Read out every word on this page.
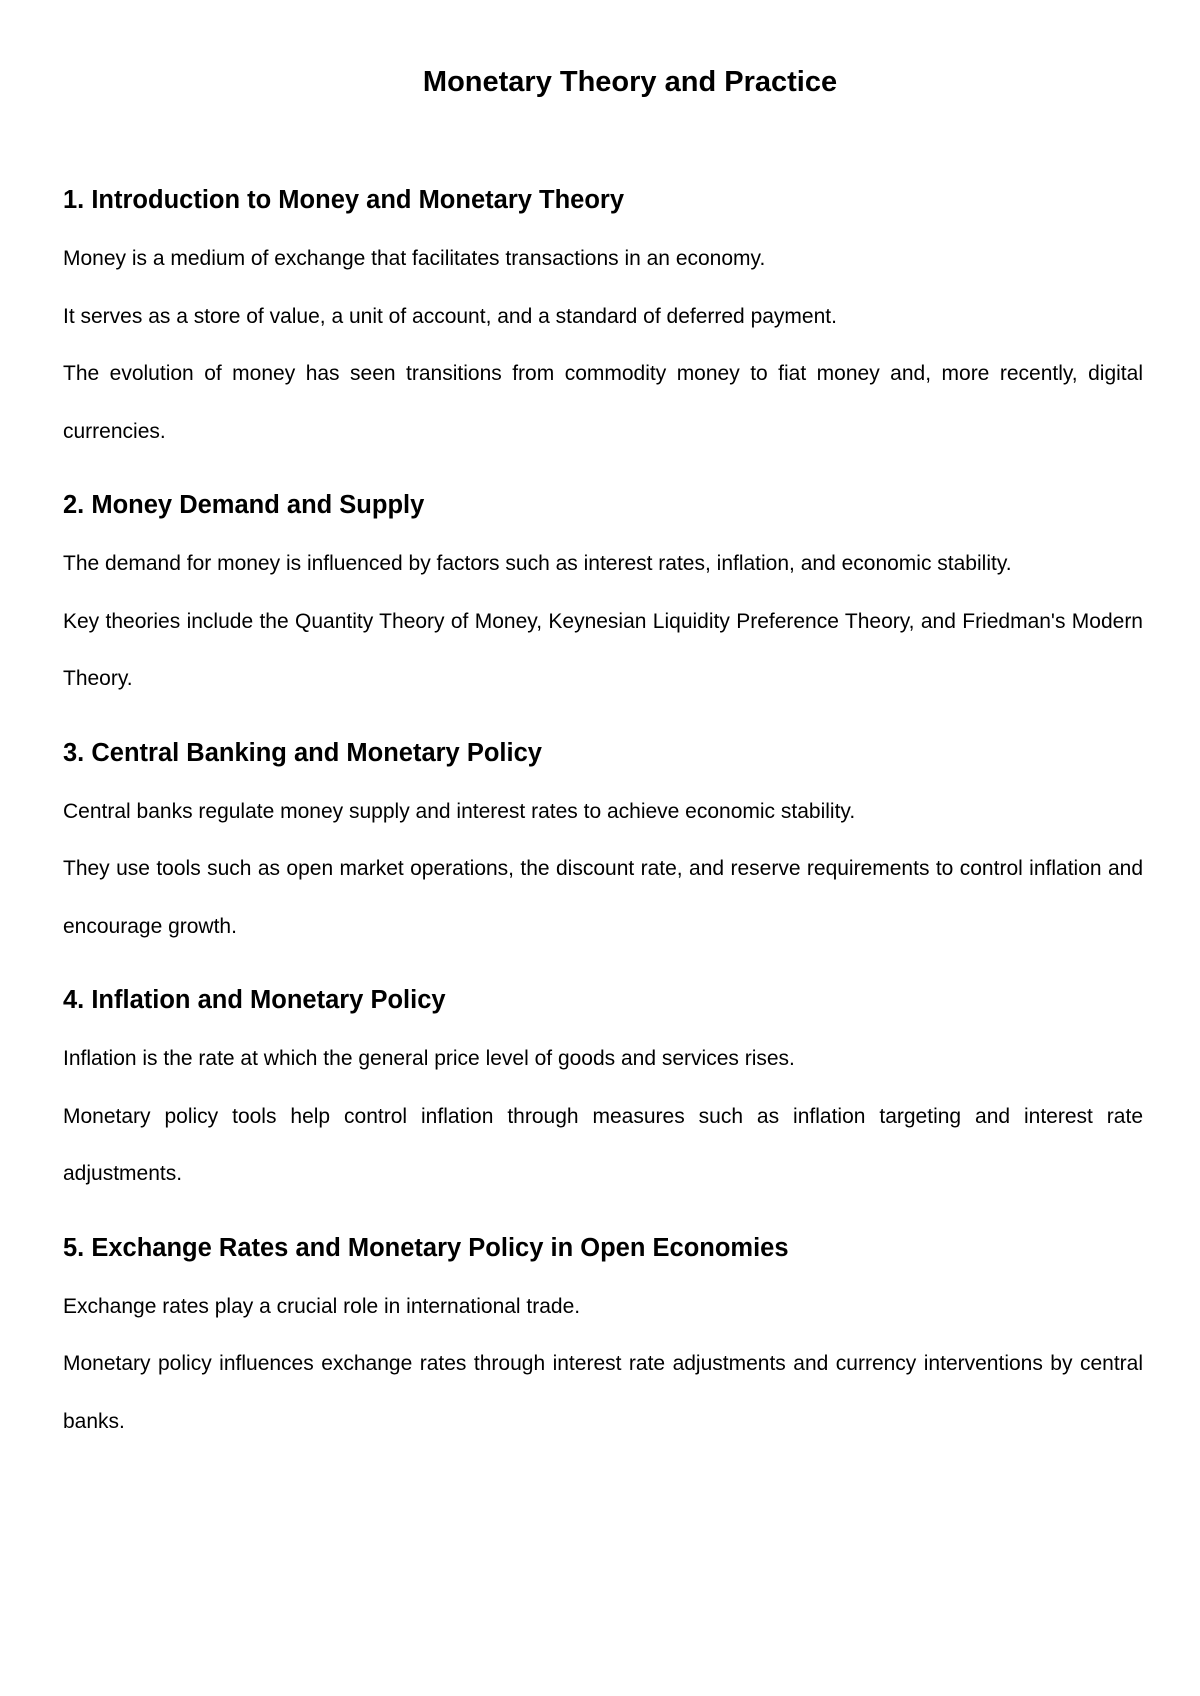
Monetary Theory and Practice
1. Introduction to Money and Monetary Theory

Money is a medium of exchange that facilitates transactions in an economy.

It serves as a store of value, a unit of account, and a standard of deferred payment.

The evolution of money has seen transitions from commodity money to fiat money and, more recently, digital currencies.

2. Money Demand and Supply

The demand for money is influenced by factors such as interest rates, inflation, and economic stability.

Key theories include the Quantity Theory of Money, Keynesian Liquidity Preference Theory, and Friedman's Modern Theory.

3. Central Banking and Monetary Policy

Central banks regulate money supply and interest rates to achieve economic stability.

They use tools such as open market operations, the discount rate, and reserve requirements to control inflation and encourage growth.

4. Inflation and Monetary Policy

Inflation is the rate at which the general price level of goods and services rises.

Monetary policy tools help control inflation through measures such as inflation targeting and interest rate adjustments.

5. Exchange Rates and Monetary Policy in Open Economies

Exchange rates play a crucial role in international trade.

Monetary policy influences exchange rates through interest rate adjustments and currency interventions by central banks.
